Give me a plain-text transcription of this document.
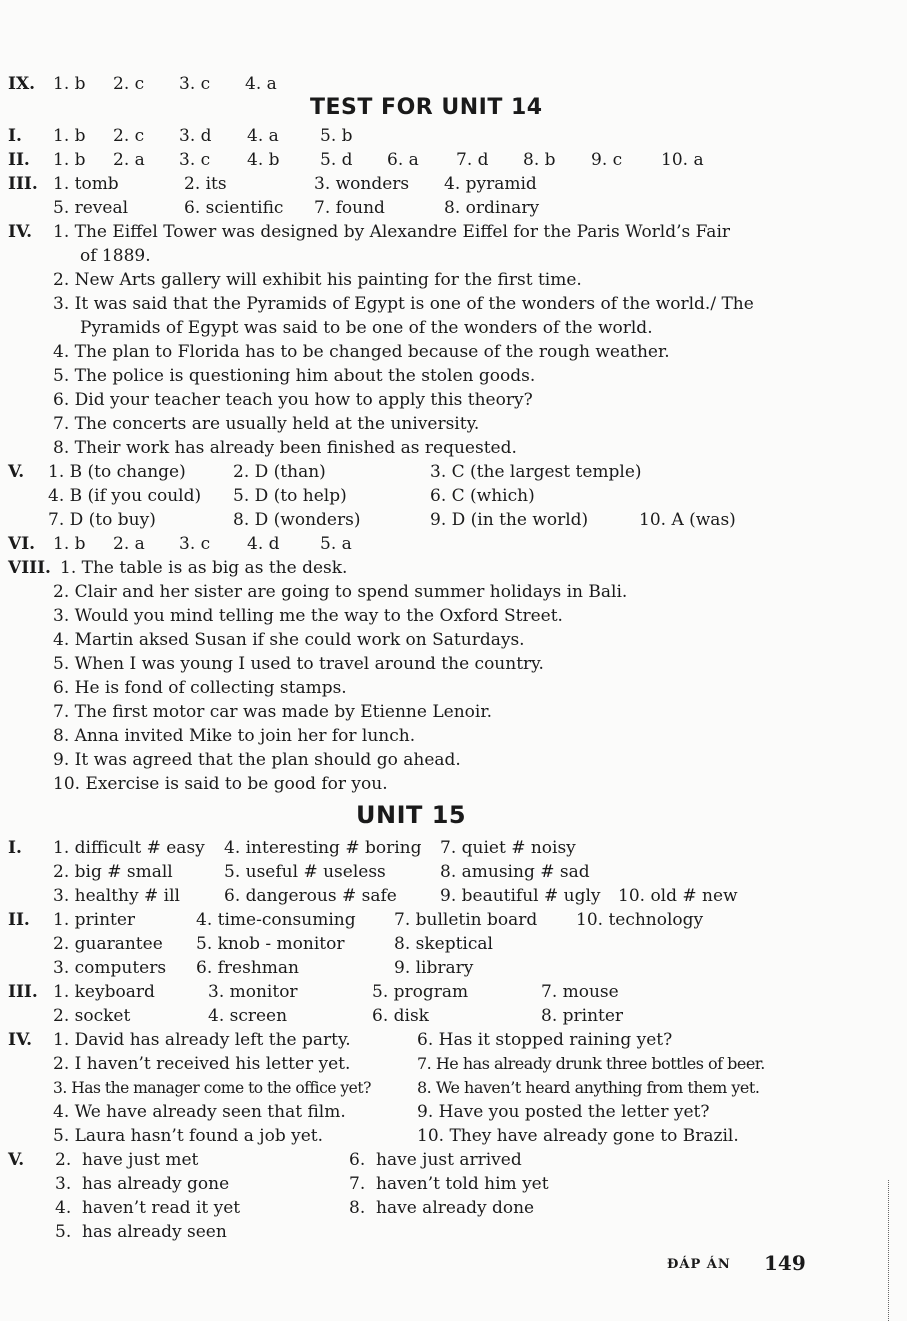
IX. 1. b 2. c 3. c 4. a
TEST FOR UNIT 14
I. 1. b 2. c 3. d 4. a 5. b
II. 1. b 2. a 3. c 4. b 5. d 6. a 7. d 8. b 9. c 10. a
III. 1. tomb	2. its	3. wonders 4. pyramid
5. reveal	6. scientific 7. found	8. ordinary
IV. 1. The Eiffel Tower was designed by Alexandre Eiffel for the Paris World’s Fair
of 1889.
2. New Arts gallery will exhibit his painting for the first time.
3. It was said that the Pyramids of Egypt is one of the wonders of the world./ The
Pyramids of Egypt was said to be one of the wonders of the world.
4. The plan to Florida has to be changed because of the rough weather.
5. The police is questioning him about the stolen goods.
6. Did your teacher teach you how to apply this theory?
7. The concerts are usually held at the university.
8. Their work has already been finished as requested.
V. 1. B (to change)	2. D (than)	3. C (the largest temple)
4. B (if you could) 5. D (to help)	6. C (which)
7. D (to buy)	8. D (wonders)	9. D (in the world)	10. A (was)
VI. 1. b 2. a 3. c 4. d 5. a
VIII. 1. The table is as big as the desk.
2. Clair and her sister are going to spend summer holidays in Bali.
3. Would you mind telling me the way to the Oxford Street.
4. Martin aksed Susan if she could work on Saturdays.
5. When I was young I used to travel around the country.
6. He is fond of collecting stamps.
7. The first motor car was made by Etienne Lenoir.
8. Anna invited Mike to join her for lunch.
9. It was agreed that the plan should go ahead.
10. Exercise is said to be good for you.
UNIT 15
I. 1. difficult # easy 4. interesting # boring 7. quiet # noisy
2. big # small	5. useful # useless	8. amusing # sad
3. healthy # ill	6. dangerous # safe	9. beautiful # ugly 10. old # new
II. 1. printer	4. time-consuming 7. bulletin board 10. technology
2. guarantee 5. knob - monitor	8. skeptical
3. computers 6. freshman	9. library
III. 1. keyboard	3. monitor	5. program	7. mouse
2. socket	4. screen	6. disk	8. printer
IV. 1. David has already left the party.	6. Has it stopped raining yet?
2. I haven’t received his letter yet.	7. He has already drunk three bottles of beer.
3. Has the manager come to the office yet?	8. We haven’t heard anything from them yet.
4. We have already seen that film.	9. Have you posted the letter yet?
5. Laura hasn’t found a job yet.	10. They have already gone to Brazil.
V. 2.  have just met	6.  have just arrived
3.  has already gone	7.  haven’t told him yet
4.  haven’t read it yet	8.  have already done
5.  has already seen
ĐÁP ÁN 149
